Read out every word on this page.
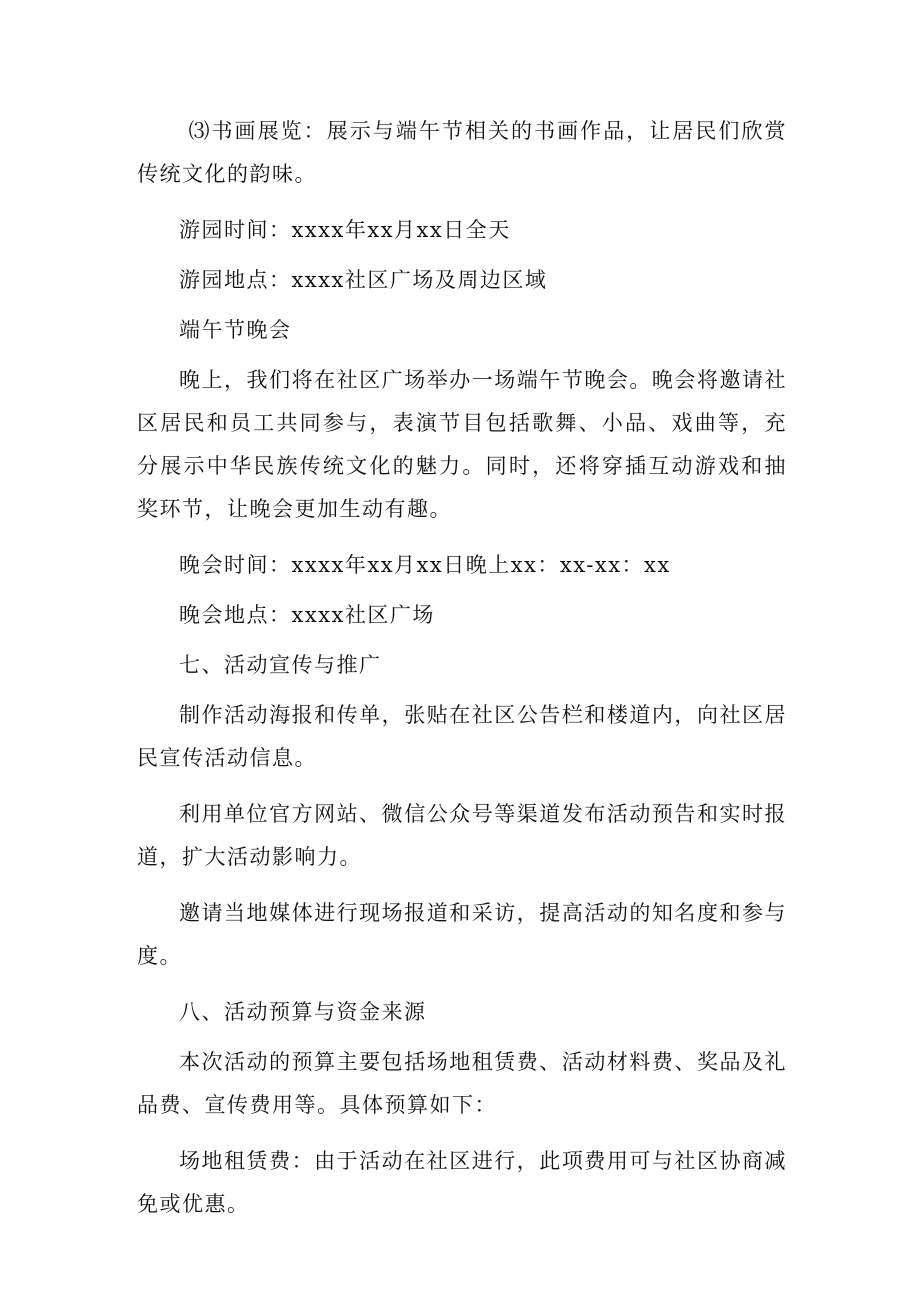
⑶书画展览：展示与端午节相关的书画作品，让居民们欣赏传统文化的韵味。

游园时间：xxxx年xx月xx日全天

游园地点：xxxx社区广场及周边区域

端午节晚会

晚上，我们将在社区广场举办一场端午节晚会。晚会将邀请社区居民和员工共同参与，表演节目包括歌舞、小品、戏曲等，充分展示中华民族传统文化的魅力。同时，还将穿插互动游戏和抽奖环节，让晚会更加生动有趣。

晚会时间：xxxx年xx月xx日晚上xx：xx-xx：xx

晚会地点：xxxx社区广场

七、活动宣传与推广

制作活动海报和传单，张贴在社区公告栏和楼道内，向社区居民宣传活动信息。

利用单位官方网站、微信公众号等渠道发布活动预告和实时报道，扩大活动影响力。

邀请当地媒体进行现场报道和采访，提高活动的知名度和参与度。

八、活动预算与资金来源

本次活动的预算主要包括场地租赁费、活动材料费、奖品及礼品费、宣传费用等。具体预算如下：

场地租赁费：由于活动在社区进行，此项费用可与社区协商减免或优惠。
